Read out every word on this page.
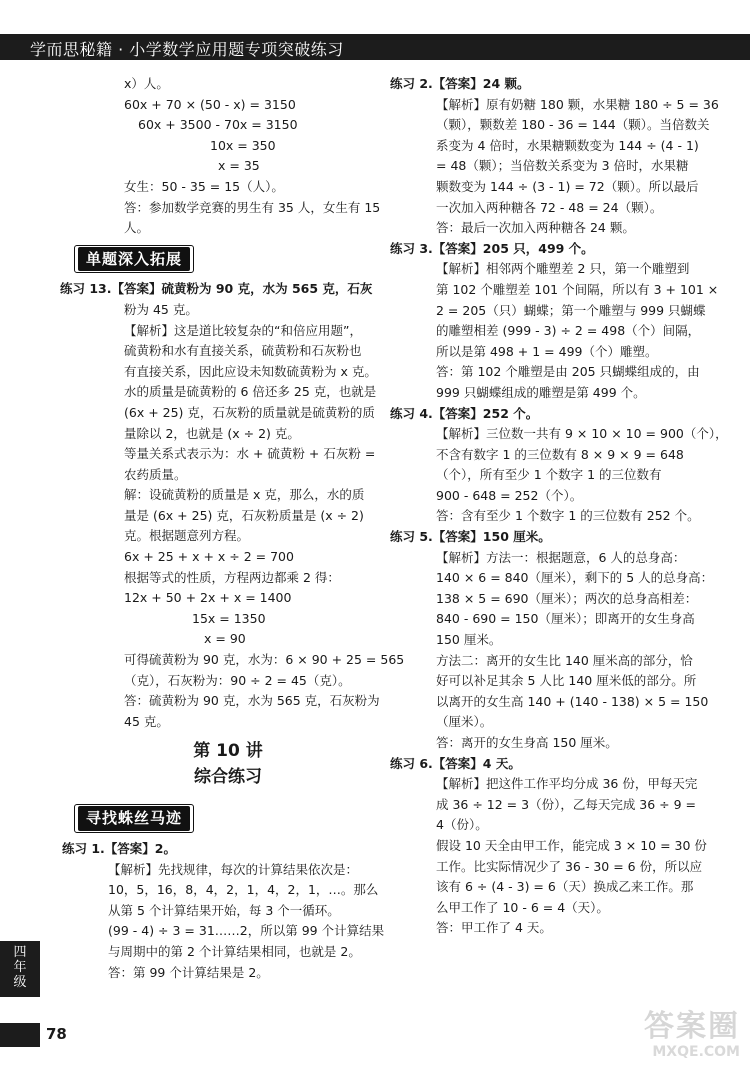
学而思秘籍 · 小学数学应用题专项突破练习
x）人。
60x + 70 × (50 - x) = 3150
60x + 3500 - 70x = 3150
10x = 350
x = 35
女生：50 - 35 = 15（人）。
答：参加数学竞赛的男生有 35 人，女生有 15
人。
单题深入拓展
练习 13.【答案】硫黄粉为 90 克，水为 565 克，石灰
粉为 45 克。
【解析】这是道比较复杂的“和倍应用题”，
硫黄粉和水有直接关系，硫黄粉和石灰粉也
有直接关系，因此应设未知数硫黄粉为 x 克。
水的质量是硫黄粉的 6 倍还多 25 克，也就是
(6x + 25) 克，石灰粉的质量就是硫黄粉的质
量除以 2，也就是 (x ÷ 2) 克。
等量关系式表示为：水 + 硫黄粉 + 石灰粉 =
农药质量。
解：设硫黄粉的质量是 x 克，那么，水的质
量是 (6x + 25) 克，石灰粉质量是 (x ÷ 2)
克。根据题意列方程。
6x + 25 + x + x ÷ 2 = 700
根据等式的性质，方程两边都乘 2 得：
12x + 50 + 2x + x = 1400
15x = 1350
x = 90
可得硫黄粉为 90 克，水为：6 × 90 + 25 = 565
（克），石灰粉为：90 ÷ 2 = 45（克）。
答：硫黄粉为 90 克，水为 565 克，石灰粉为
45 克。
第 10 讲
综合练习
寻找蛛丝马迹
练习 1.【答案】2。
【解析】先找规律，每次的计算结果依次是：
10，5，16，8，4，2，1，4，2，1，…。那么
从第 5 个计算结果开始，每 3 个一循环。
(99 - 4) ÷ 3 = 31……2，所以第 99 个计算结果
与周期中的第 2 个计算结果相同，也就是 2。
答：第 99 个计算结果是 2。
练习 2.【答案】24 颗。
【解析】原有奶糖 180 颗，水果糖 180 ÷ 5 = 36
（颗），颗数差 180 - 36 = 144（颗）。当倍数关
系变为 4 倍时，水果糖颗数变为 144 ÷ (4 - 1)
= 48（颗）；当倍数关系变为 3 倍时，水果糖
颗数变为 144 ÷ (3 - 1) = 72（颗）。所以最后
一次加入两种糖各 72 - 48 = 24（颗）。
答：最后一次加入两种糖各 24 颗。
练习 3.【答案】205 只，499 个。
【解析】相邻两个雕塑差 2 只，第一个雕塑到
第 102 个雕塑差 101 个间隔，所以有 3 + 101 ×
2 = 205（只）蝴蝶；第一个雕塑与 999 只蝴蝶
的雕塑相差 (999 - 3) ÷ 2 = 498（个）间隔，
所以是第 498 + 1 = 499（个）雕塑。
答：第 102 个雕塑是由 205 只蝴蝶组成的，由
999 只蝴蝶组成的雕塑是第 499 个。
练习 4.【答案】252 个。
【解析】三位数一共有 9 × 10 × 10 = 900（个），
不含有数字 1 的三位数有 8 × 9 × 9 = 648
（个），所有至少 1 个数字 1 的三位数有
900 - 648 = 252（个）。
答：含有至少 1 个数字 1 的三位数有 252 个。
练习 5.【答案】150 厘米。
【解析】方法一：根据题意，6 人的总身高：
140 × 6 = 840（厘米），剩下的 5 人的总身高：
138 × 5 = 690（厘米）；两次的总身高相差：
840 - 690 = 150（厘米）；即离开的女生身高
150 厘米。
方法二：离开的女生比 140 厘米高的部分，恰
好可以补足其余 5 人比 140 厘米低的部分。所
以离开的女生高 140 + (140 - 138) × 5 = 150
（厘米）。
答：离开的女生身高 150 厘米。
练习 6.【答案】4 天。
【解析】把这件工作平均分成 36 份，甲每天完
成 36 ÷ 12 = 3（份），乙每天完成 36 ÷ 9 =
4（份）。
假设 10 天全由甲工作，能完成 3 × 10 = 30 份
工作。比实际情况少了 36 - 30 = 6 份，所以应
该有 6 ÷ (4 - 3) = 6（天）换成乙来工作。那
么甲工作了 10 - 6 = 4（天）。
答：甲工作了 4 天。
四年级
78	答案圈
MXQE.COM
